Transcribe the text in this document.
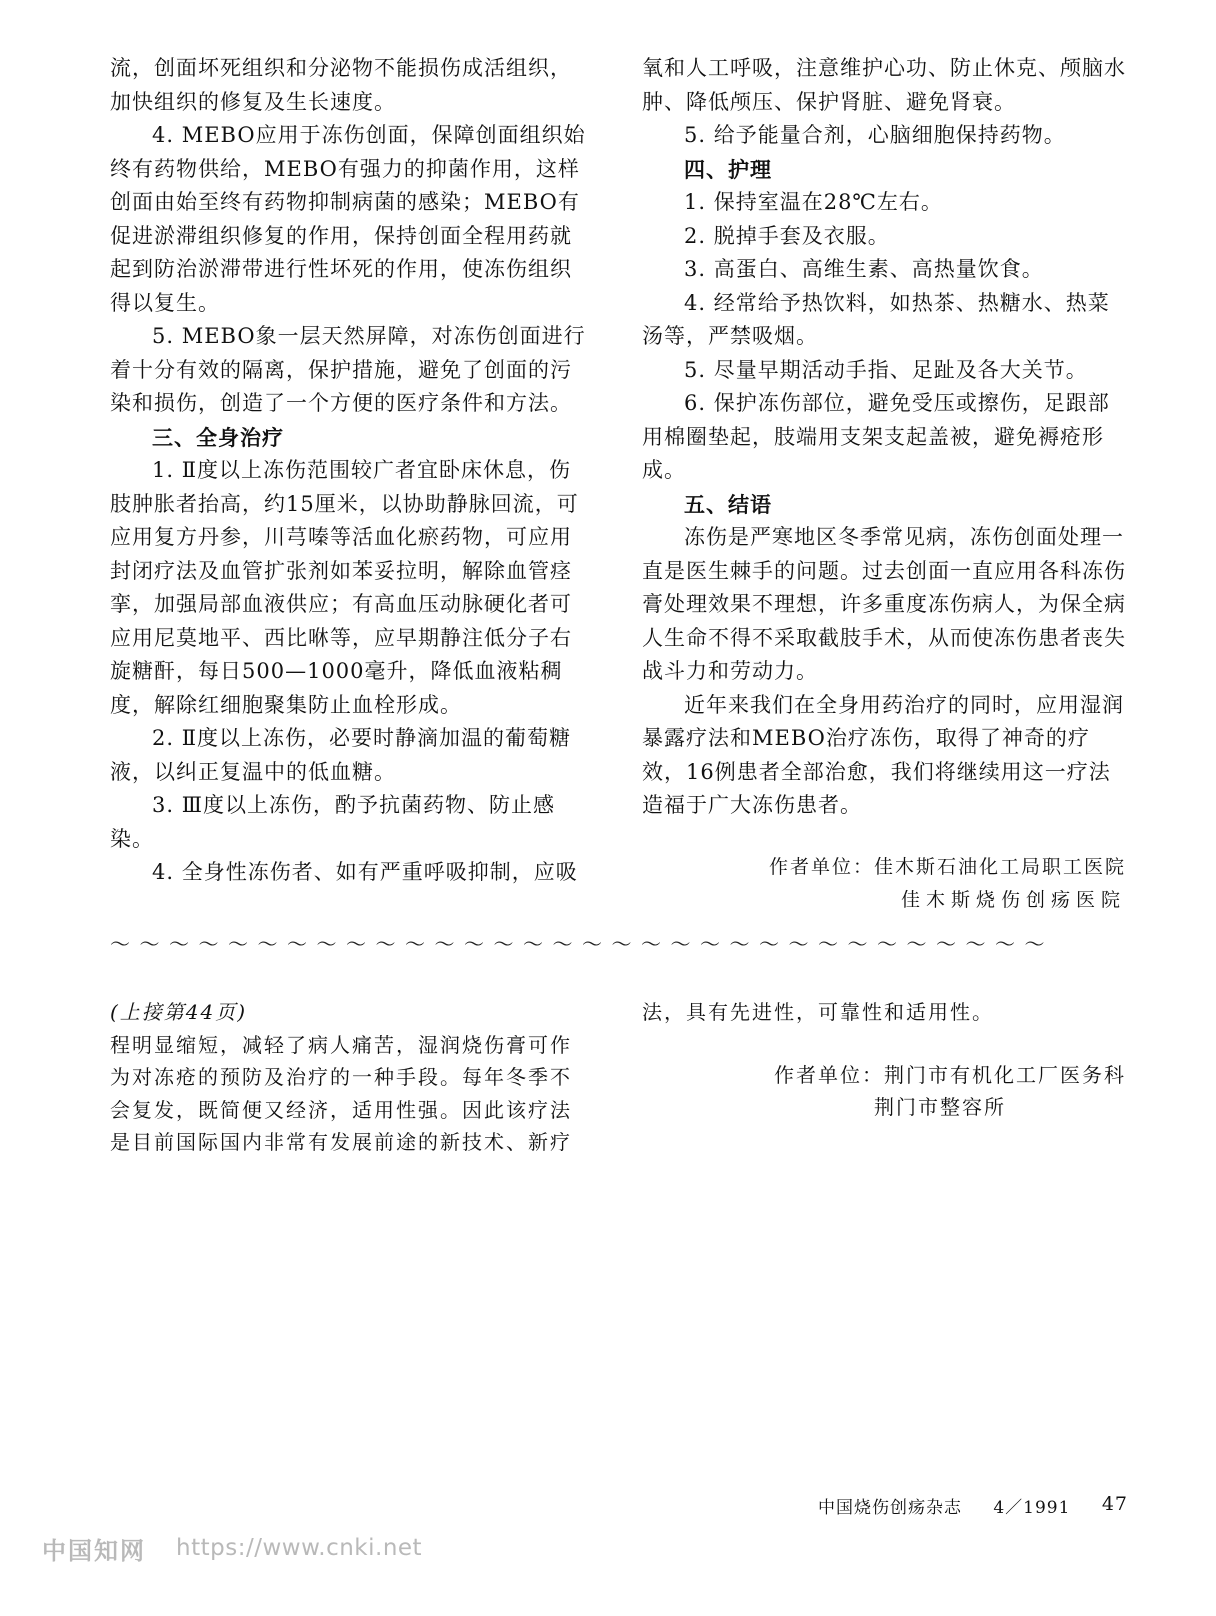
流，创面坏死组织和分泌物不能损伤成活组织，加快组织的修复及生长速度。

4. MEBO应用于冻伤创面，保障创面组织始终有药物供给，MEBO有强力的抑菌作用，这样创面由始至终有药物抑制病菌的感染；MEBO有促进淤滞组织修复的作用，保持创面全程用药就起到防治淤滞带进行性坏死的作用，使冻伤组织得以复生。

5. MEBO象一层天然屏障，对冻伤创面进行着十分有效的隔离，保护措施，避免了创面的污染和损伤，创造了一个方便的医疗条件和方法。

三、全身治疗

1. Ⅱ度以上冻伤范围较广者宜卧床休息，伤肢肿胀者抬高，约15厘米，以协助静脉回流，可应用复方丹参，川芎嗪等活血化瘀药物，可应用封闭疗法及血管扩张剂如苯妥拉明，解除血管痉挛，加强局部血液供应；有高血压动脉硬化者可应用尼莫地平、西比咻等，应早期静注低分子右旋糖酐，每日500—1000毫升，降低血液粘稠度，解除红细胞聚集防止血栓形成。

2. Ⅱ度以上冻伤，必要时静滴加温的葡萄糖液，以纠正复温中的低血糖。

3. Ⅲ度以上冻伤，酌予抗菌药物、防止感染。

4. 全身性冻伤者、如有严重呼吸抑制，应吸

氧和人工呼吸，注意维护心功、防止休克、颅脑水肿、降低颅压、保护肾脏、避免肾衰。

5. 给予能量合剂，心脑细胞保持药物。

四、护理

1. 保持室温在28℃左右。

2. 脱掉手套及衣服。

3. 高蛋白、高维生素、高热量饮食。

4. 经常给予热饮料，如热茶、热糖水、热菜汤等，严禁吸烟。

5. 尽量早期活动手指、足趾及各大关节。

6. 保护冻伤部位，避免受压或擦伤，足跟部用棉圈垫起，肢端用支架支起盖被，避免褥疮形成。

五、结语

冻伤是严寒地区冬季常见病，冻伤创面处理一直是医生棘手的问题。过去创面一直应用各科冻伤膏处理效果不理想，许多重度冻伤病人，为保全病人生命不得不采取截肢手术，从而使冻伤患者丧失战斗力和劳动力。

近年来我们在全身用药治疗的同时，应用湿润暴露疗法和MEBO治疗冻伤，取得了神奇的疗效，16例患者全部治愈，我们将继续用这一疗法造福于广大冻伤患者。

作者单位：佳木斯石油化工局职工医院

佳木斯烧伤创疡医院

～～～～～～～～～～～～～～～～～～～～～～～～～～～～～～～～

(上接第44页)

程明显缩短，减轻了病人痛苦，湿润烧伤膏可作为对冻疮的预防及治疗的一种手段。每年冬季不会复发，既简便又经济，适用性强。因此该疗法是目前国际国内非常有发展前途的新技术、新疗

法，具有先进性，可靠性和适用性。

作者单位：荆门市有机化工厂医务科
荆门市整容所
中国烧伤创疡杂志 4／1991 47
中国知网 https://www.cnki.net
